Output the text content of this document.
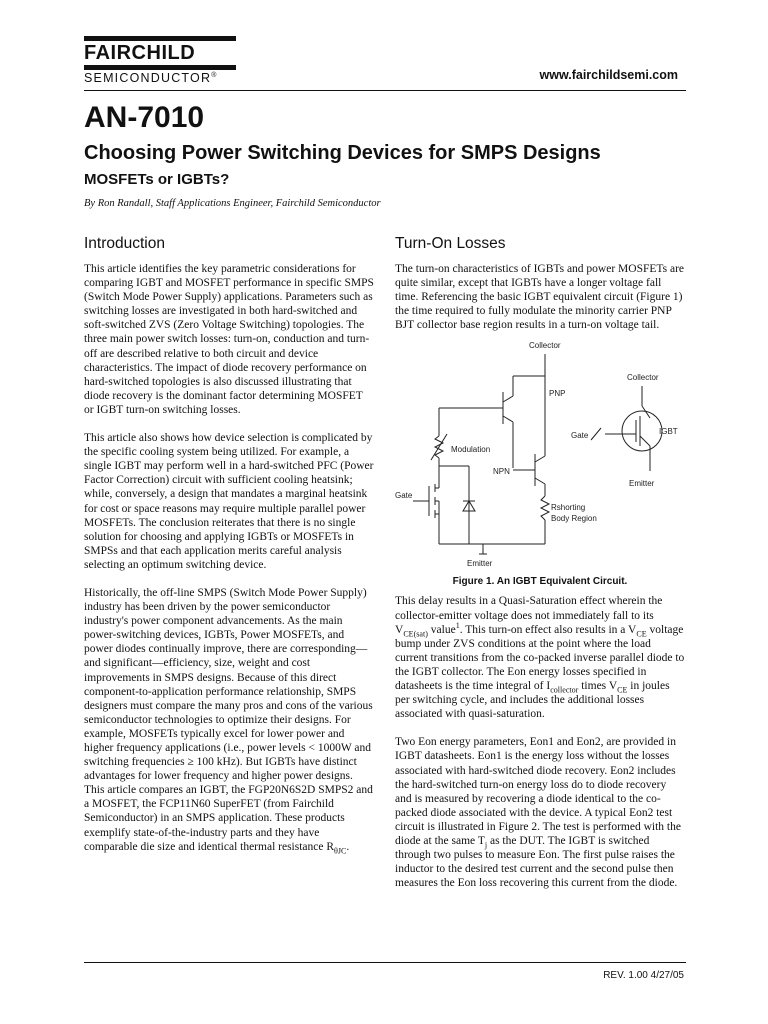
FAIRCHILD
SEMICONDUCTOR®	www.fairchildsemi.com
AN-7010
Choosing Power Switching Devices for SMPS Designs
MOSFETs or IGBTs?
By Ron Randall, Staff Applications Engineer, Fairchild Semiconductor
Introduction

This article identifies the key parametric considerations for comparing IGBT and MOSFET performance in specific SMPS (Switch Mode Power Supply) applications. Parameters such as switching losses are investigated in both hard-switched and soft-switched ZVS (Zero Voltage Switching) topologies. The three main power switch losses: turn-on, conduction and turn-off are described relative to both circuit and device characteristics. The impact of diode recovery performance on hard-switched topologies is also discussed illustrating that diode recovery is the dominant factor determining MOSFET or IGBT turn-on switching losses.

This article also shows how device selection is complicated by the specific cooling system being utilized. For example, a single IGBT may perform well in a hard-switched PFC (Power Factor Correction) circuit with sufficient cooling heatsink; while, conversely, a design that mandates a marginal heatsink for cost or space reasons may require multiple parallel power MOSFETs. The conclusion reiterates that there is no single solution for choosing and applying IGBTs or MOSFETs in SMPSs and that each application merits careful analysis selecting an optimum switching device.

Historically, the off-line SMPS (Switch Mode Power Supply) industry has been driven by the power semiconductor industry's power component advancements. As the main power-switching devices, IGBTs, Power MOSFETs, and power diodes continually improve, there are corresponding—and significant—efficiency, size, weight and cost improvements in SMPS designs. Because of this direct component-to-application performance relationship, SMPS designers must compare the many pros and cons of the various semiconductor technologies to optimize their designs. For example, MOSFETs typically excel for lower power and higher frequency applications (i.e., power levels < 1000W and switching frequencies ≥ 100 kHz). But IGBTs have distinct advantages for lower frequency and higher power designs. This article compares an IGBT, the FGP20N6S2D SMPS2 and a MOSFET, the FCP11N60 SuperFET (from Fairchild Semiconductor) in an SMPS application. These products exemplify state-of-the-industry parts and they have comparable die size and identical thermal resistance $R_{\theta JC}$.

Turn-On Losses

The turn-on characteristics of IGBTs and power MOSFETs are quite similar, except that IGBTs have a longer voltage fall time. Referencing the basic IGBT equivalent circuit (Figure 1) the time required to fully modulate the minority carrier PNP BJT collector base region results in a turn-on voltage tail.

Collector
PNP
Modulation
NPN
Gate
Rshorting
Body Region
Emitter
Collector
Gate	IGBT
Emitter
Figure 1. An IGBT Equivalent Circuit.

This delay results in a Quasi-Saturation effect wherein the collector-emitter voltage does not immediately fall to its $V_{CE(sat)}$ value$^1$. This turn-on effect also results in a $V_{CE}$ voltage bump under ZVS conditions at the point where the load current transitions from the co-packed inverse parallel diode to the IGBT collector. The Eon energy losses specified in datasheets is the time integral of $I_{collector}$ times $V_{CE}$ in joules per switching cycle, and includes the additional losses associated with quasi-saturation.

Two Eon energy parameters, Eon1 and Eon2, are provided in IGBT datasheets. Eon1 is the energy loss without the losses associated with hard-switched diode recovery. Eon2 includes the hard-switched turn-on energy loss do to diode recovery and is measured by recovering a diode identical to the co-packed diode associated with the device. A typical Eon2 test circuit is illustrated in Figure 2. The test is performed with the diode at the same $T_j$ as the DUT. The IGBT is switched through two pulses to measure Eon. The first pulse raises the inductor to the desired test current and the second pulse then measures the Eon loss recovering this current from the diode.

REV. 1.00 4/27/05
